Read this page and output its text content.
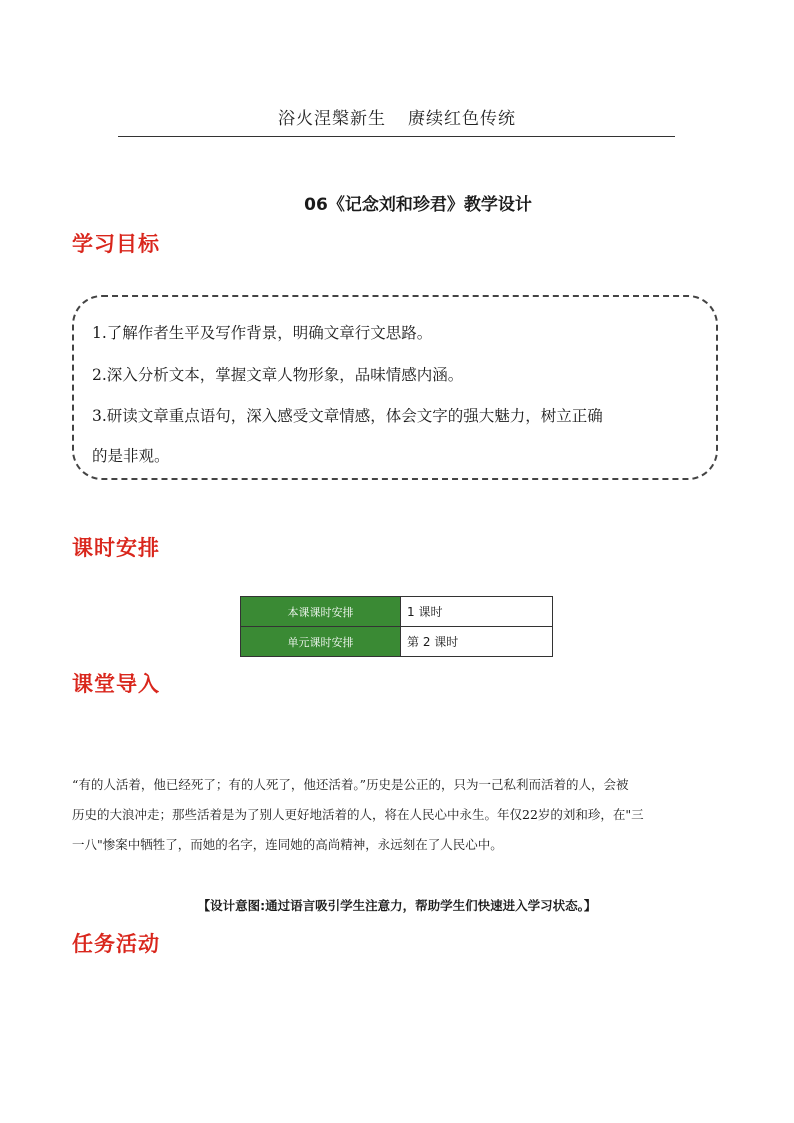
浴火涅槃新生 赓续红色传统
06《记念刘和珍君》教学设计
学习目标
1.了解作者生平及写作背景，明确文章行文思路。
2.深入分析文本，掌握文章人物形象，品味情感内涵。
3.研读文章重点语句，深入感受文章情感，体会文字的强大魅力，树立正确
的是非观。
课时安排
本课课时安排	1 课时
单元课时安排	第 2 课时
课堂导入
“有的人活着，他已经死了；有的人死了，他还活着。”历史是公正的，只为一己私利而活着的人，会被
历史的大浪冲走；那些活着是为了别人更好地活着的人，将在人民心中永生。年仅22岁的刘和珍，在"三
一八"惨案中牺牲了，而她的名字，连同她的高尚精神，永远刻在了人民心中。
【设计意图:通过语言吸引学生注意力，帮助学生们快速进入学习状态。】
任务活动
